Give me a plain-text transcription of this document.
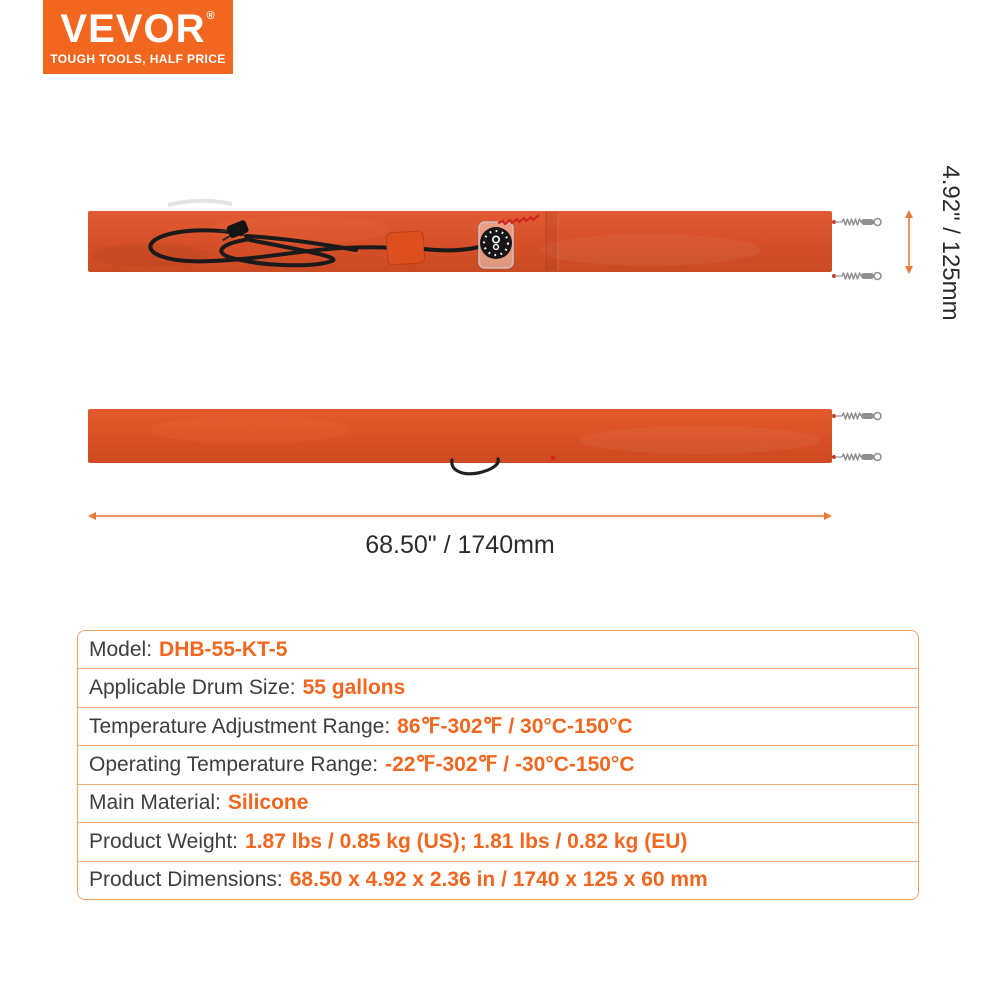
VEVOR ®
TOUGH TOOLS, HALF PRICE
4.92" / 125mm
68.50" / 1740mm
Model: DHB-55-KT-5
Applicable Drum Size: 55 gallons
Temperature Adjustment Range: 86℉-302℉ / 30°C-150°C
Operating Temperature Range: -22℉-302℉ / -30°C-150°C
Main Material: Silicone
Product Weight: 1.87 lbs / 0.85 kg (US); 1.81 lbs / 0.82 kg (EU)
Product Dimensions: 68.50 x 4.92 x 2.36 in / 1740 x 125 x 60 mm
